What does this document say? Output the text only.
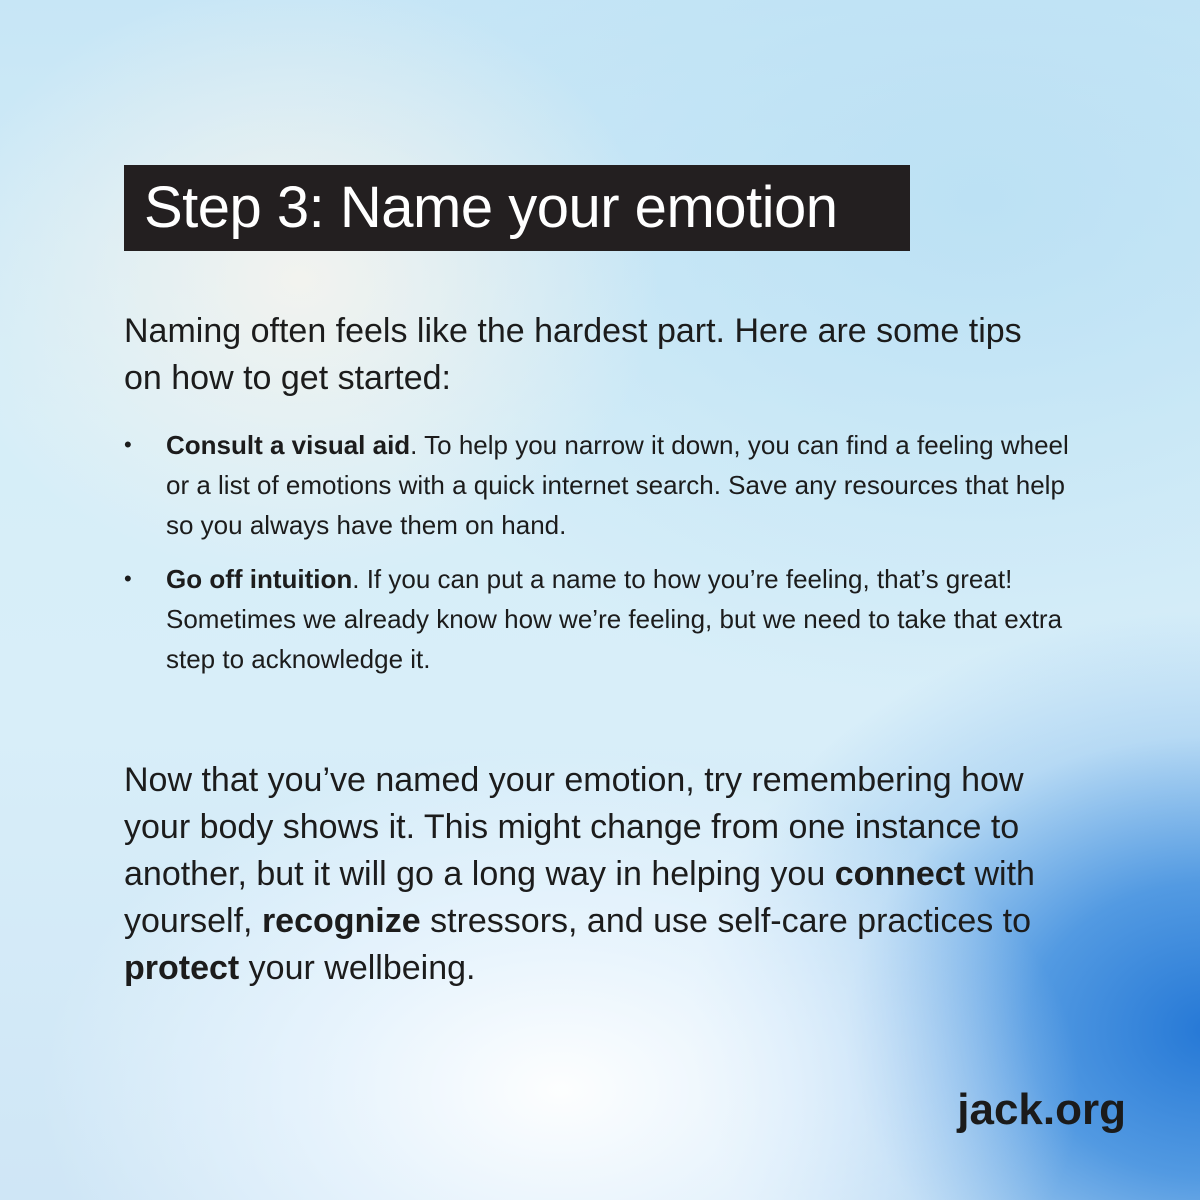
Step 3: Name your emotion

Naming often feels like the hardest part. Here are some tips on how to get started:

• Consult a visual aid. To help you narrow it down, you can find a feeling wheel or a list of emotions with a quick internet search. Save any resources that help so you always have them on hand.
• Go off intuition. If you can put a name to how you’re feeling, that’s great! Sometimes we already know how we’re feeling, but we need to take that extra step to acknowledge it.

Now that you’ve named your emotion, try remembering how your body shows it. This might change from one instance to another, but it will go a long way in helping you connect with yourself, recognize stressors, and use self-care practices to protect your wellbeing.

jack.org
